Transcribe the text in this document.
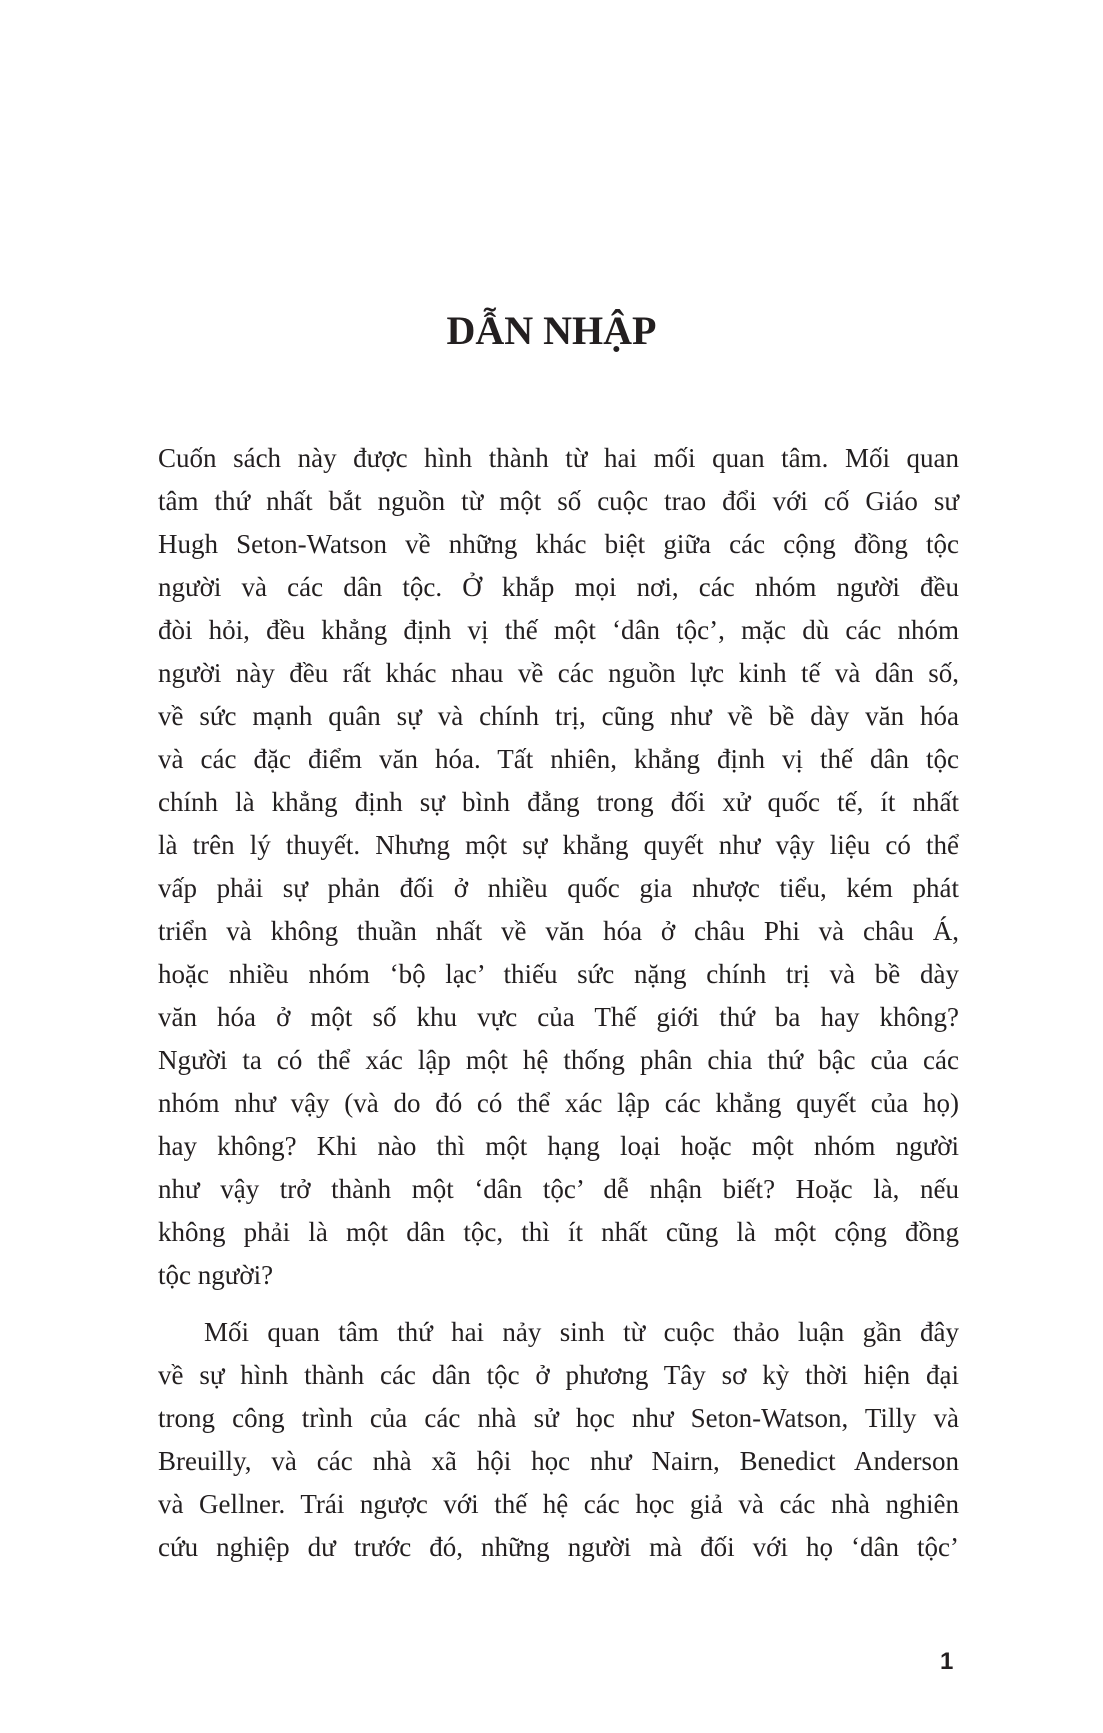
DẪN NHẬP
Cuốn sách này được hình thành từ hai mối quan tâm. Mối quan
tâm thứ nhất bắt nguồn từ một số cuộc trao đổi với cố Giáo sư
Hugh Seton-Watson về những khác biệt giữa các cộng đồng tộc
người và các dân tộc. Ở khắp mọi nơi, các nhóm người đều
đòi hỏi, đều khẳng định vị thế một ‘dân tộc’, mặc dù các nhóm
người này đều rất khác nhau về các nguồn lực kinh tế và dân số,
về sức mạnh quân sự và chính trị, cũng như về bề dày văn hóa
và các đặc điểm văn hóa. Tất nhiên, khẳng định vị thế dân tộc
chính là khẳng định sự bình đẳng trong đối xử quốc tế, ít nhất
là trên lý thuyết. Nhưng một sự khẳng quyết như vậy liệu có thể
vấp phải sự phản đối ở nhiều quốc gia nhược tiểu, kém phát
triển và không thuần nhất về văn hóa ở châu Phi và châu Á,
hoặc nhiều nhóm ‘bộ lạc’ thiếu sức nặng chính trị và bề dày
văn hóa ở một số khu vực của Thế giới thứ ba hay không?
Người ta có thể xác lập một hệ thống phân chia thứ bậc của các
nhóm như vậy (và do đó có thể xác lập các khẳng quyết của họ)
hay không? Khi nào thì một hạng loại hoặc một nhóm người
như vậy trở thành một ‘dân tộc’ dễ nhận biết? Hoặc là, nếu
không phải là một dân tộc, thì ít nhất cũng là một cộng đồng
tộc người?
Mối quan tâm thứ hai nảy sinh từ cuộc thảo luận gần đây
về sự hình thành các dân tộc ở phương Tây sơ kỳ thời hiện đại
trong công trình của các nhà sử học như Seton-Watson, Tilly và
Breuilly, và các nhà xã hội học như Nairn, Benedict Anderson
và Gellner. Trái ngược với thế hệ các học giả và các nhà nghiên
cứu nghiệp dư trước đó, những người mà đối với họ ‘dân tộc’
1
